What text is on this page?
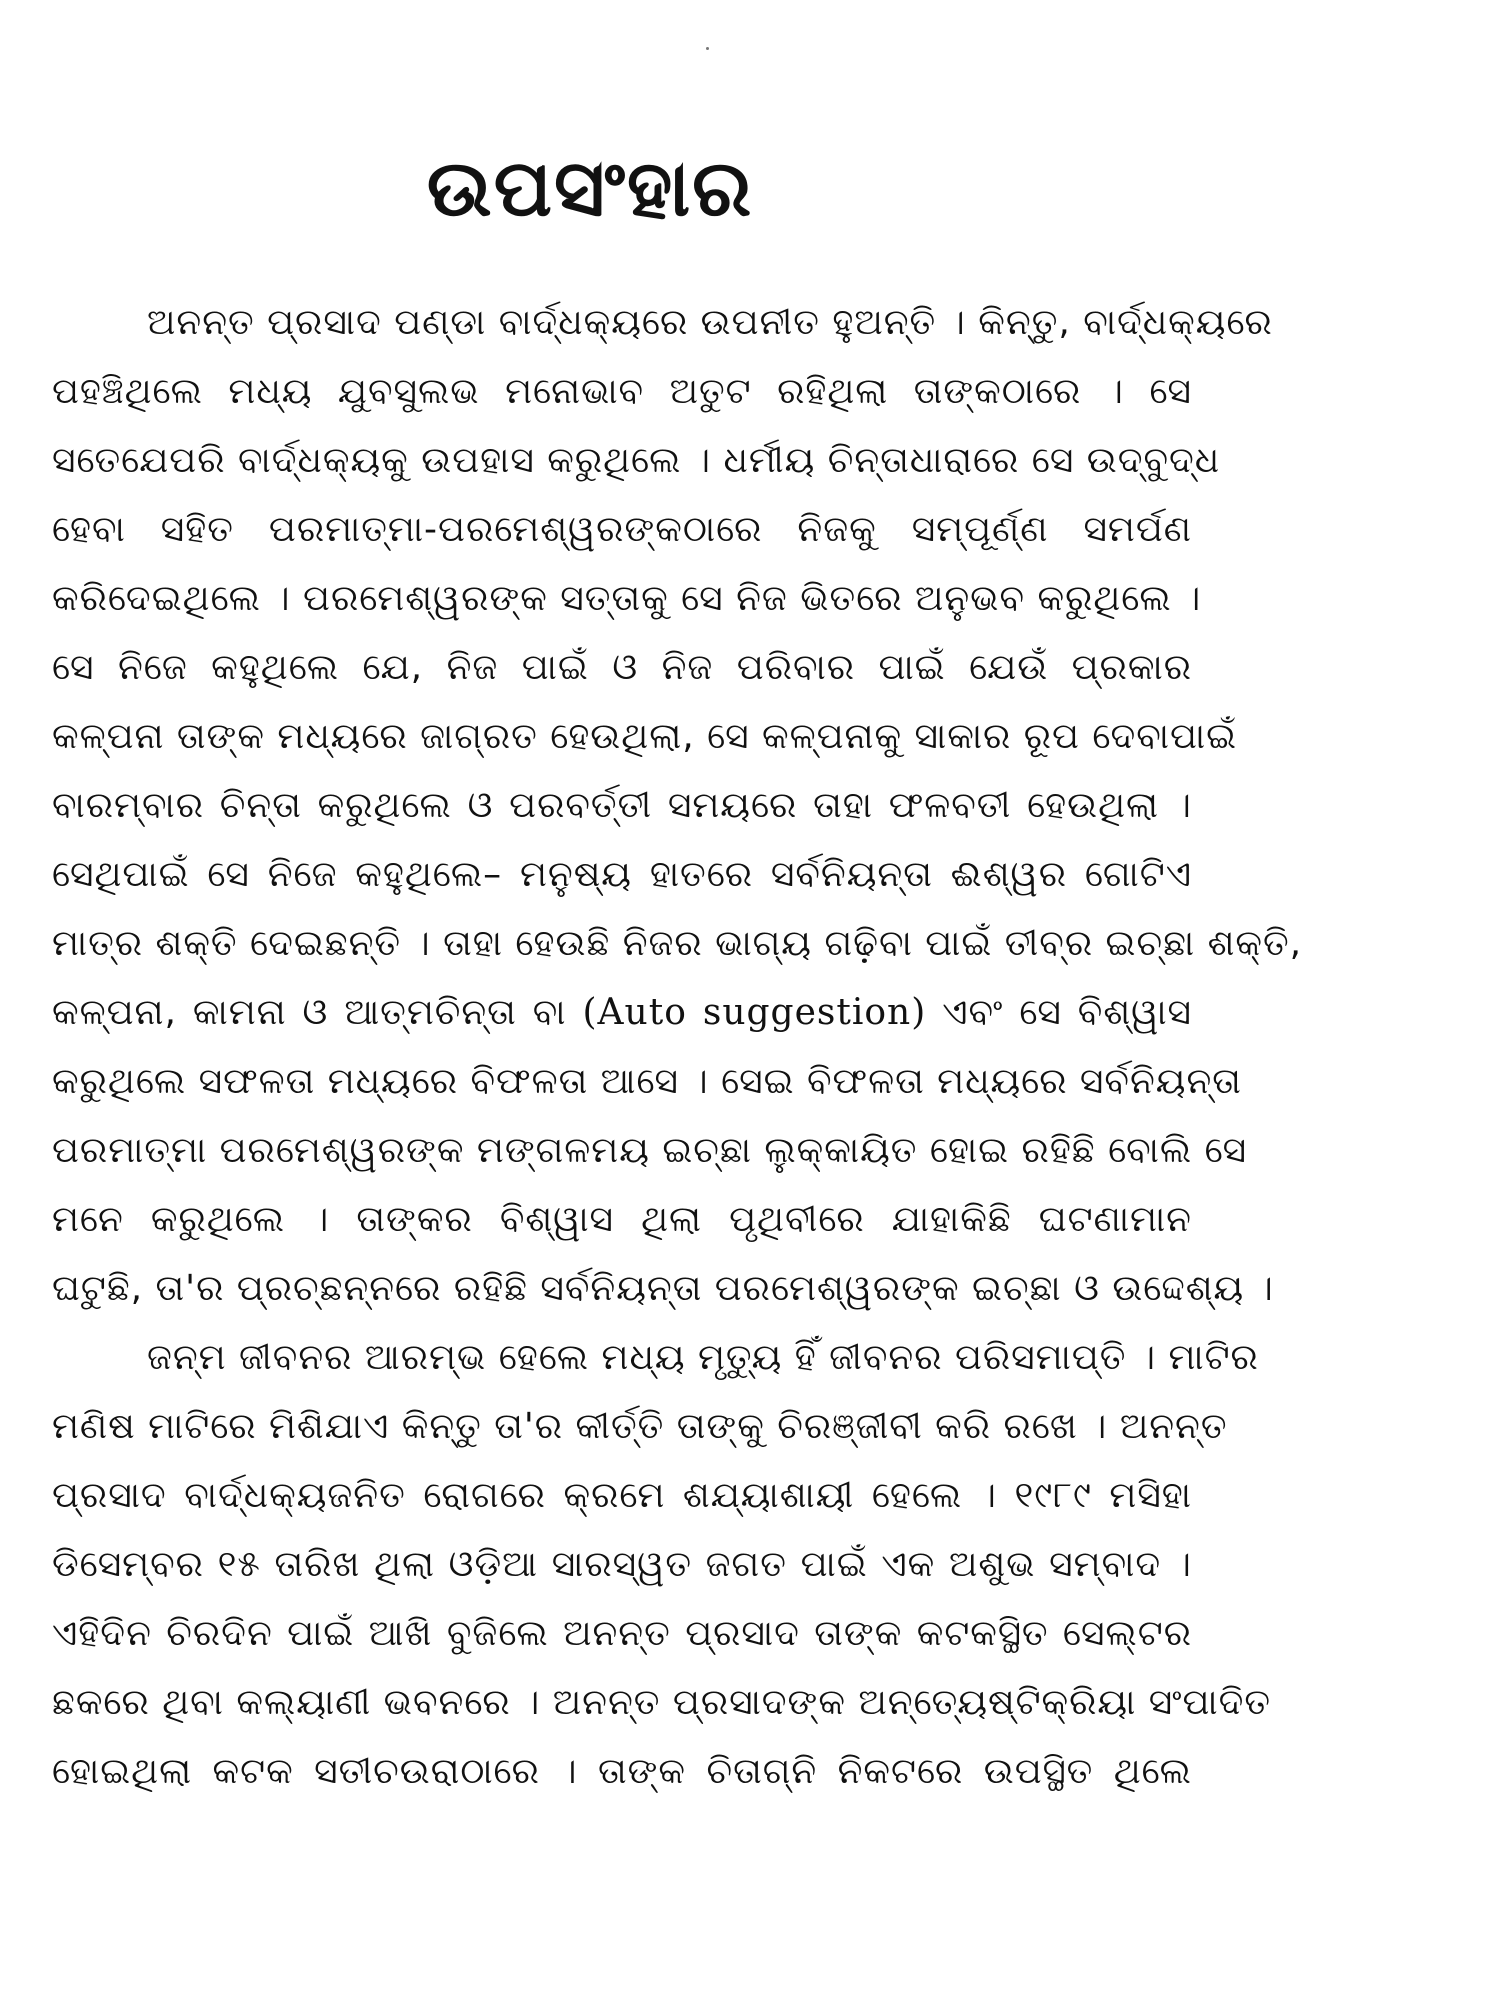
ଉପସଂହାର
ଅନନ୍ତ ପ୍ରସାଦ ପଣ୍ଡା ବାର୍ଦ୍ଧକ୍ୟରେ ଉପନୀତ ହୁଅନ୍ତି । କିନ୍ତୁ, ବାର୍ଦ୍ଧକ୍ୟରେ
ପହଞ୍ଚିଥିଲେ ମଧ୍ୟ ଯୁବସୁଲଭ ମନୋଭାବ ଅତୁଟ ରହିଥିଲା ତାଙ୍କଠାରେ । ସେ
ସତେଯେପରି ବାର୍ଦ୍ଧକ୍ୟକୁ ଉପହାସ କରୁଥିଲେ । ଧର୍ମୀୟ ଚିନ୍ତାଧାରାରେ ସେ ଉଦ୍‌ବୁଦ୍ଧ
ହେବା ସହିତ ପରମାତ୍ମା-ପରମେଶ୍ୱରଙ୍କଠାରେ ନିଜକୁ ସମ୍ପୂର୍ଣ୍ଣ ସମର୍ପଣ
କରିଦେଇଥିଲେ । ପରମେଶ୍ୱରଙ୍କ ସତ୍ତାକୁ ସେ ନିଜ ଭିତରେ ଅନୁଭବ କରୁଥିଲେ ।
ସେ ନିଜେ କହୁଥିଲେ ଯେ, ନିଜ ପାଇଁ ଓ ନିଜ ପରିବାର ପାଇଁ ଯେଉଁ ପ୍ରକାର
କଳ୍ପନା ତାଙ୍କ ମଧ୍ୟରେ ଜାଗ୍ରତ ହେଉଥିଲା, ସେ କଳ୍ପନାକୁ ସାକାର ରୂପ ଦେବାପାଇଁ
ବାରମ୍ବାର ଚିନ୍ତା କରୁଥିଲେ ଓ ପରବର୍ତ୍ତୀ ସମୟରେ ତାହା ଫଳବତୀ ହେଉଥିଲା ।
ସେଥିପାଇଁ ସେ ନିଜେ କହୁଥିଲେ– ମନୁଷ୍ୟ ହାତରେ ସର୍ବନିୟନ୍ତା ଈଶ୍ୱର ଗୋଟିଏ
ମାତ୍ର ଶକ୍ତି ଦେଇଛନ୍ତି । ତାହା ହେଉଛି ନିଜର ଭାଗ୍ୟ ଗଢ଼ିବା ପାଇଁ ତୀବ୍ର ଇଚ୍ଛା ଶକ୍ତି,
କଳ୍ପନା, କାମନା ଓ ଆତ୍ମଚିନ୍ତା ବା (Auto suggestion) ଏବଂ ସେ ବିଶ୍ୱାସ
କରୁଥିଲେ ସଫଳତା ମଧ୍ୟରେ ବିଫଳତା ଆସେ । ସେଇ ବିଫଳତା ମଧ୍ୟରେ ସର୍ବନିୟନ୍ତା
ପରମାତ୍ମା ପରମେଶ୍ୱରଙ୍କ ମଙ୍ଗଳମୟ ଇଚ୍ଛା ଲୁକ୍‌କାୟିତ ହୋଇ ରହିଛି ବୋଲି ସେ
ମନେ କରୁଥିଲେ । ତାଙ୍କର ବିଶ୍ୱାସ ଥିଲା ପୃଥିବୀରେ ଯାହାକିଛି ଘଟଣାମାନ
ଘଟୁଛି, ତା'ର ପ୍ରଚ୍ଛନ୍ନରେ ରହିଛି ସର୍ବନିୟନ୍ତା ପରମେଶ୍ୱରଙ୍କ ଇଚ୍ଛା ଓ ଉଦ୍ଦେଶ୍ୟ ।
ଜନ୍ମ ଜୀବନର ଆରମ୍ଭ ହେଲେ ମଧ୍ୟ ମୃତ୍ୟୁ ହିଁ ଜୀବନର ପରିସମାପ୍ତି । ମାଟିର
ମଣିଷ ମାଟିରେ ମିଶିଯାଏ କିନ୍ତୁ ତା'ର କୀର୍ତ୍ତି ତାଙ୍କୁ ଚିରଞ୍ଜୀବୀ କରି ରଖେ । ଅନନ୍ତ
ପ୍ରସାଦ ବାର୍ଦ୍ଧକ୍ୟଜନିତ ରୋଗରେ କ୍ରମେ ଶଯ୍ୟାଶାୟୀ ହେଲେ । ୧୯୮୯ ମସିହା
ଡିସେମ୍ବର ୧୫ ତାରିଖ ଥିଲା ଓଡ଼ିଆ ସାରସ୍ୱତ ଜଗତ ପାଇଁ ଏକ ଅଶୁଭ ସମ୍ବାଦ ।
ଏହିଦିନ ଚିରଦିନ ପାଇଁ ଆଖି ବୁଜିଲେ ଅନନ୍ତ ପ୍ରସାଦ ତାଙ୍କ କଟକସ୍ଥିତ ସେଲ୍ଟର
ଛକରେ ଥିବା କଲ୍ୟାଣୀ ଭବନରେ । ଅନନ୍ତ ପ୍ରସାଦଙ୍କ ଅନ୍ତ୍ୟେଷ୍ଟିକ୍ରିୟା ସଂପାଦିତ
ହୋଇଥିଲା କଟକ ସତୀଚଉରାଠାରେ । ତାଙ୍କ ଚିତାଗ୍ନି ନିକଟରେ ଉପସ୍ଥିତ ଥିଲେ
